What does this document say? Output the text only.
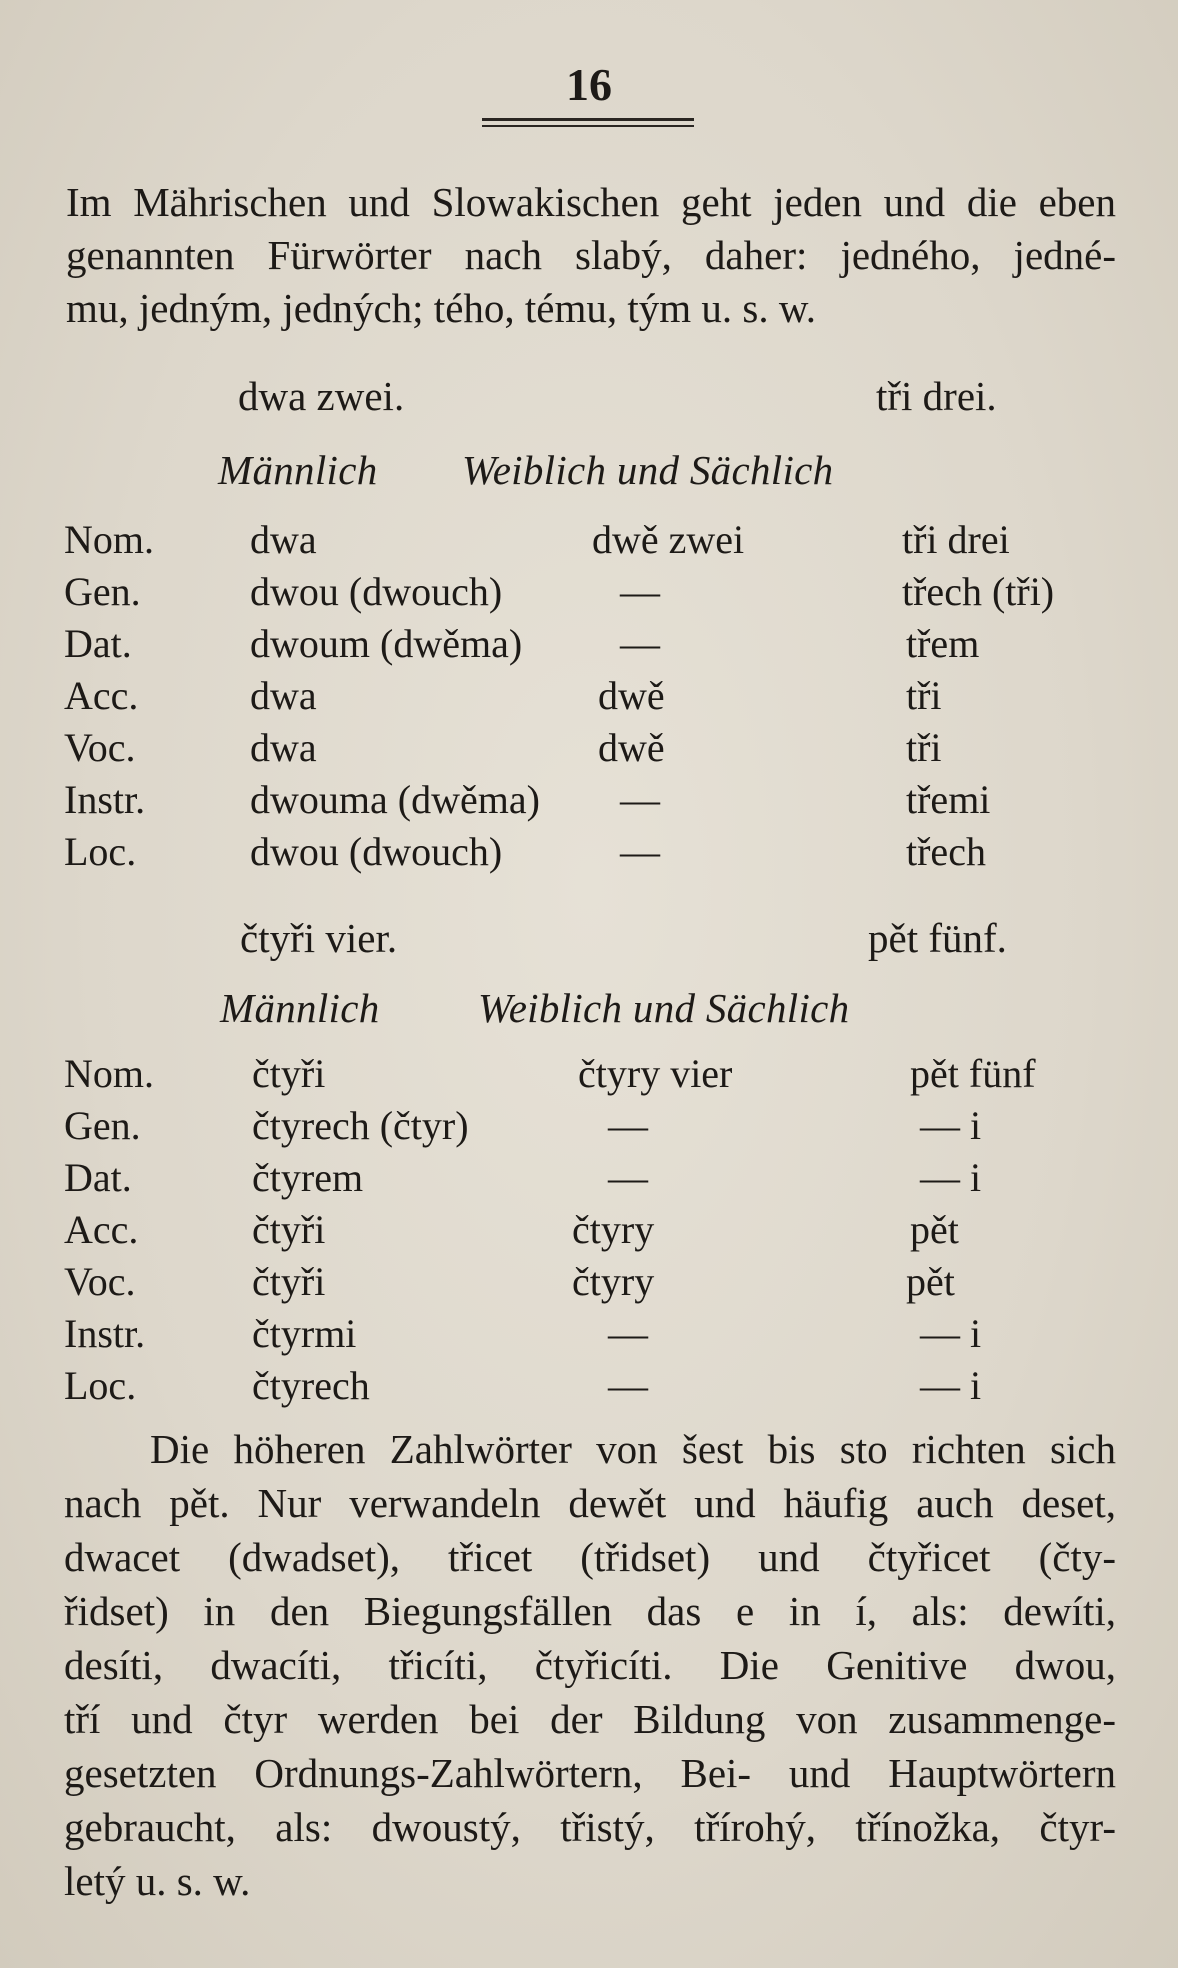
16
Im Mährischen und Slowakischen geht jeden und die eben
genannten Fürwörter nach slabý, daher: jedného, jedné-
mu, jedným, jedných; tého, tému, tým u. s. w.
dwa zwei.	tři drei.
Männlich Weiblich und Sächlich
Nom. dwa	dwě zwei	tři drei
Gen.	dwou (dwouch)	—	třech (tři)
Dat.	dwoum (dwěma) —	třem
Acc.	dwa	dwě	tři
Voc.	dwa	dwě	tři
Instr.	dwouma (dwěma) —	třemi
Loc.	dwou (dwouch)	—	třech
čtyři vier.	pět fünf.
Männlich Weiblich und Sächlich
Nom. čtyři	čtyry vier	pět fünf
Gen.	čtyrech (čtyr)	—	— i
Dat.	čtyrem	—	— i
Acc.	čtyři	čtyry	pět
Voc.	čtyři	čtyry	pět
Instr.	čtyrmi	—	— i
Loc.	čtyrech	—	— i
Die höheren Zahlwörter von šest bis sto richten sich
nach pět. Nur verwandeln dewět und häufig auch deset,
dwacet (dwadset), třicet (třidset) und čtyřicet (čty-
řidset) in den Biegungsfällen das e in í, als: dewíti,
desíti, dwacíti, třicíti, čtyřicíti. Die Genitive dwou,
tří und čtyr werden bei der Bildung von zusammenge-
gesetzten Ordnungs-Zahlwörtern, Bei- und Hauptwörtern
gebraucht, als: dwoustý, třistý, třírohý, třínožka, čtyr-
letý u. s. w.
